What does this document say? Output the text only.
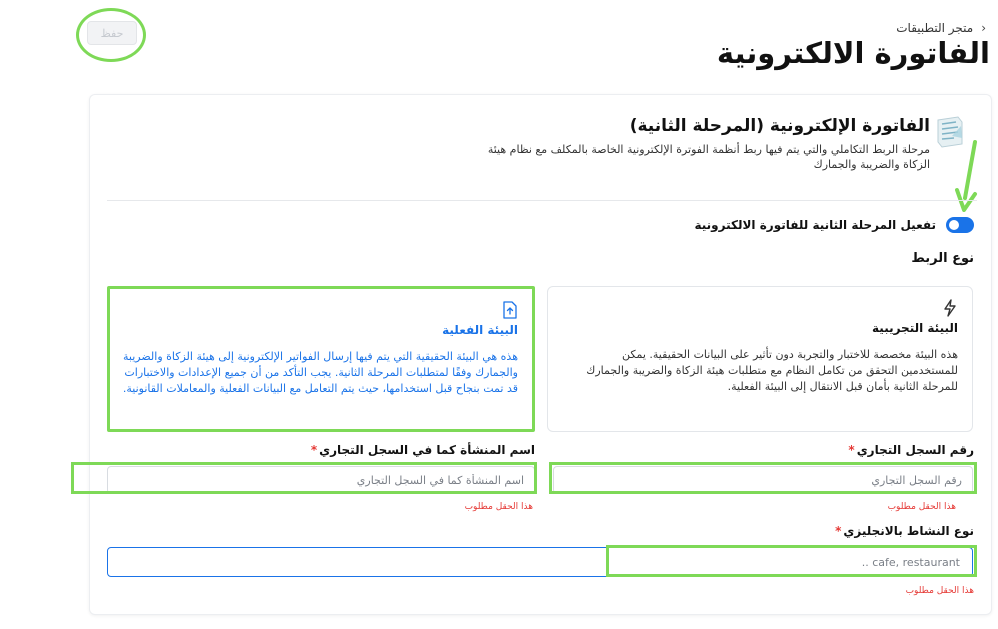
‹
متجر التطبيقات
الفاتورة الالكترونية
حفظ
الفاتورة الإلكترونية (المرحلة الثانية)
مرحلة الربط التكاملي والتي يتم فيها ربط أنظمة الفوترة الإلكترونية الخاصة بالمكلف مع نظام هيئة الزكاة والضريبة والجمارك
تفعيل المرحلة الثانية للفاتورة الالكترونية
نوع الربط
البيئة التجريبية
هذه البيئة مخصصة للاختبار والتجربة دون تأثير على البيانات الحقيقية. يمكن للمستخدمين التحقق من تكامل النظام مع متطلبات هيئة الزكاة والضريبة والجمارك للمرحلة الثانية بأمان قبل الانتقال إلى البيئة الفعلية.
البيئة الفعلية
هذه هي البيئة الحقيقية التي يتم فيها إرسال الفواتير الإلكترونية إلى هيئة الزكاة والضريبة والجمارك وفقًا لمتطلبات المرحلة الثانية. يجب التأكد من أن جميع الإعدادات والاختبارات قد تمت بنجاح قبل استخدامها، حيث يتم التعامل مع البيانات الفعلية والمعاملات القانونية.
رقم السجل التجاري*
رقم السجل التجاري
هذا الحقل مطلوب
اسم المنشأة كما في السجل التجاري*
اسم المنشأة كما في السجل التجاري
هذا الحقل مطلوب
نوع النشاط بالانجليزي*
.. cafe, restaurant
هذا الحقل مطلوب
